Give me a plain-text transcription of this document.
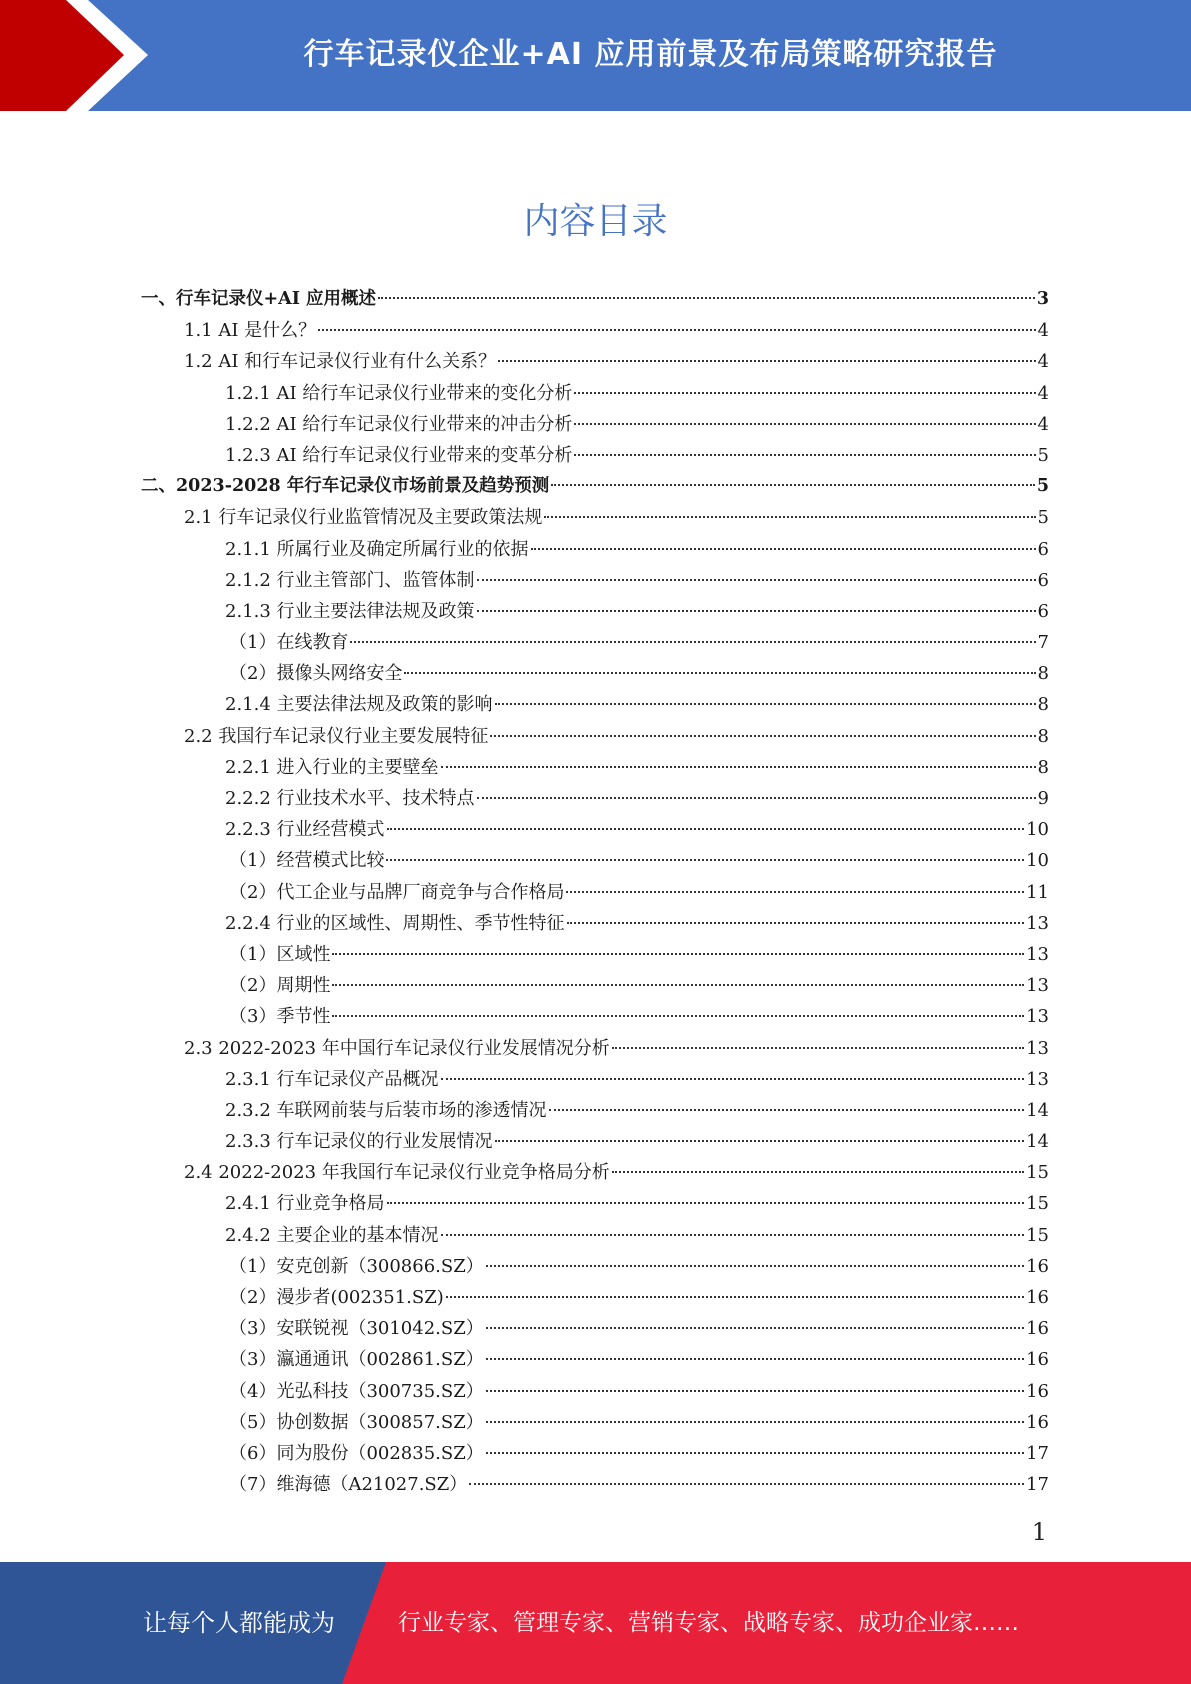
行车记录仪企业+AI 应用前景及布局策略研究报告
内容目录
一、行车记录仪+AI 应用概述	3
1.1 AI 是什么？	4
1.2 AI 和行车记录仪行业有什么关系？	4
1.2.1 AI 给行车记录仪行业带来的变化分析	4
1.2.2 AI 给行车记录仪行业带来的冲击分析	4
1.2.3 AI 给行车记录仪行业带来的变革分析	5
二、2023-2028 年行车记录仪市场前景及趋势预测	5
2.1 行车记录仪行业监管情况及主要政策法规	5
2.1.1 所属行业及确定所属行业的依据	6
2.1.2 行业主管部门、监管体制	6
2.1.3 行业主要法律法规及政策	6
（1）在线教育	7
（2）摄像头网络安全	8
2.1.4 主要法律法规及政策的影响	8
2.2 我国行车记录仪行业主要发展特征	8
2.2.1 进入行业的主要壁垒	8
2.2.2 行业技术水平、技术特点	9
2.2.3 行业经营模式	10
（1）经营模式比较	10
（2）代工企业与品牌厂商竞争与合作格局	11
2.2.4 行业的区域性、周期性、季节性特征	13
（1）区域性	13
（2）周期性	13
（3）季节性	13
2.3 2022-2023 年中国行车记录仪行业发展情况分析	13
2.3.1 行车记录仪产品概况	13
2.3.2 车联网前装与后装市场的渗透情况	14
2.3.3 行车记录仪的行业发展情况	14
2.4 2022-2023 年我国行车记录仪行业竞争格局分析	15
2.4.1 行业竞争格局	15
2.4.2 主要企业的基本情况	15
（1）安克创新（300866.SZ）	16
（2）漫步者(002351.SZ)	16
（3）安联锐视（301042.SZ）	16
（3）瀛通通讯（002861.SZ）	16
（4）光弘科技（300735.SZ）	16
（5）协创数据（300857.SZ）	16
（6）同为股份（002835.SZ）	17
（7）维海德（A21027.SZ）	17
1
让每个人都能成为	行业专家、管理专家、营销专家、战略专家、成功企业家……
